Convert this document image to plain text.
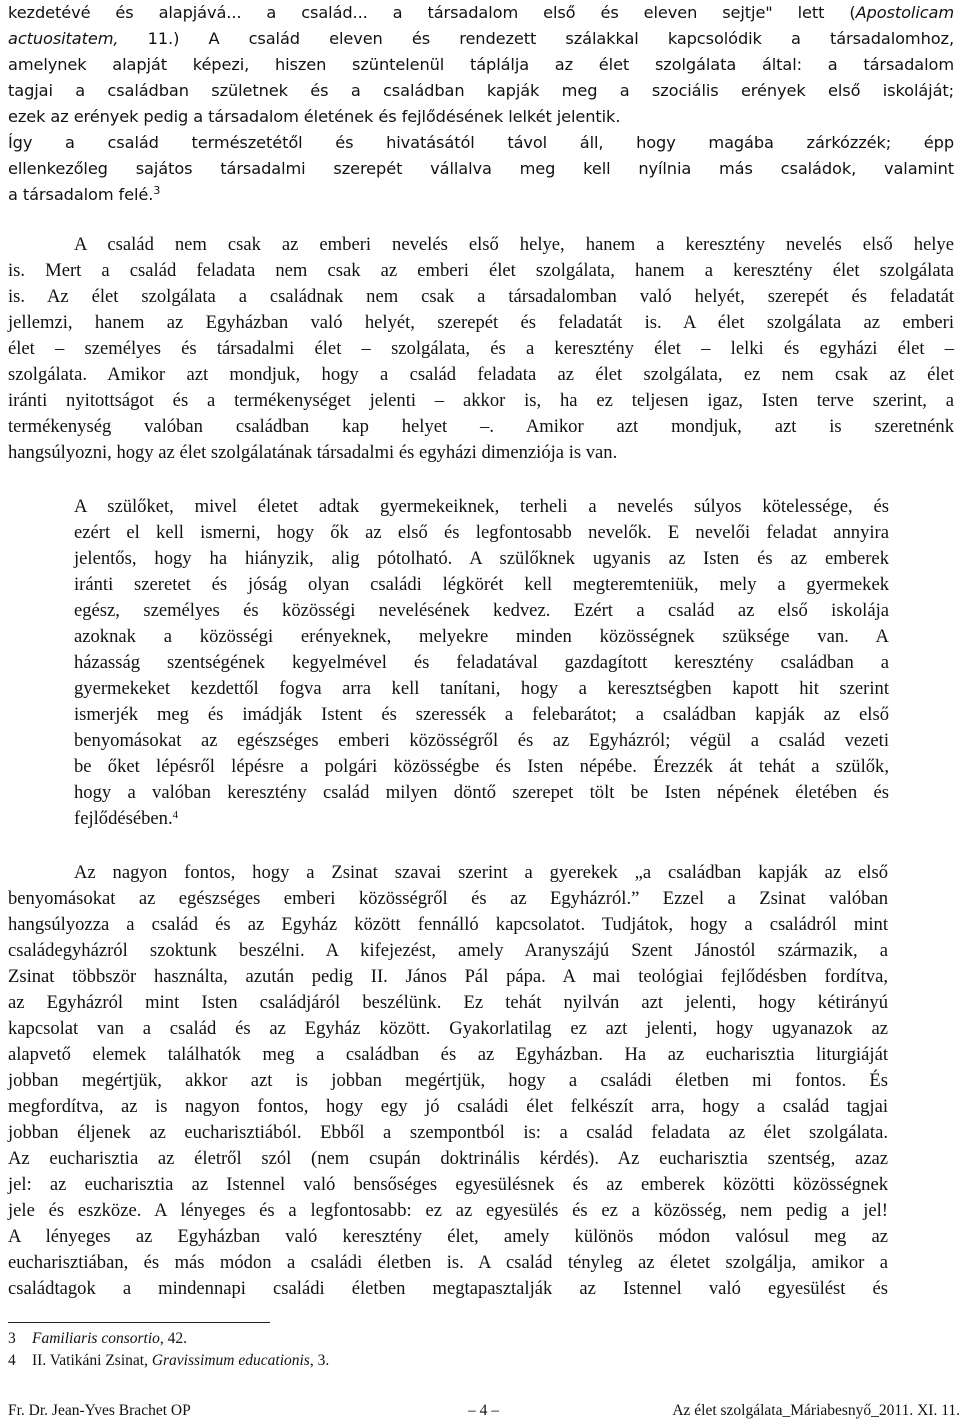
kezdetévé és alapjává... a család... a társadalom első és eleven sejtje" lett (Apostolicam
actuositatem, 11.) A család eleven és rendezett szálakkal kapcsolódik a társadalomhoz,
amelynek alapját képezi, hiszen szüntelenül táplálja az élet szolgálata által: a társadalom
tagjai a családban születnek és a családban kapják meg a szociális erények első iskoláját;
ezek az erények pedig a társadalom életének és fejlődésének lelkét jelentik.
Így a család természetétől és hivatásától távol áll, hogy magába zárkózzék; épp
ellenkezőleg sajátos társadalmi szerepét vállalva meg kell nyílnia más családok, valamint
a társadalom felé.$^3$
A család nem csak az emberi nevelés első helye, hanem a keresztény nevelés első helye
is. Mert a család feladata nem csak az emberi élet szolgálata, hanem a keresztény élet szolgálata
is. Az élet szolgálata a családnak nem csak a társadalomban való helyét, szerepét és feladatát
jellemzi, hanem az Egyházban való helyét, szerepét és feladatát is. A élet szolgálata az emberi
élet – személyes és társadalmi élet – szolgálata, és a keresztény élet – lelki és egyházi élet –
szolgálata. Amikor azt mondjuk, hogy a család feladata az élet szolgálata, ez nem csak az élet
iránti nyitottságot és a termékenységet jelenti – akkor is, ha ez teljesen igaz, Isten terve szerint, a
termékenység valóban családban kap helyet –. Amikor azt mondjuk, azt is szeretnénk
hangsúlyozni, hogy az élet szolgálatának társadalmi és egyházi dimenziója is van.
A szülőket, mivel életet adtak gyermekeiknek, terheli a nevelés súlyos kötelessége, és
ezért el kell ismerni, hogy ők az első és legfontosabb nevelők. E nevelői feladat annyira
jelentős, hogy ha hiányzik, alig pótolható. A szülőknek ugyanis az Isten és az emberek
iránti szeretet és jóság olyan családi légkörét kell megteremteniük, mely a gyermekek
egész, személyes és közösségi nevelésének kedvez. Ezért a család az első iskolája
azoknak a közösségi erényeknek, melyekre minden közösségnek szüksége van. A
házasság szentségének kegyelmével és feladatával gazdagított keresztény családban a
gyermekeket kezdettől fogva arra kell tanítani, hogy a keresztségben kapott hit szerint
ismerjék meg és imádják Istent és szeressék a felebarátot; a családban kapják az első
benyomásokat az egészséges emberi közösségről és az Egyházról; végül a család vezeti
be őket lépésről lépésre a polgári közösségbe és Isten népébe. Érezzék át tehát a szülők,
hogy a valóban keresztény család milyen döntő szerepet tölt be Isten népének életében és
fejlődésében.$^4$
Az nagyon fontos, hogy a Zsinat szavai szerint a gyerekek „a családban kapják az első
benyomásokat az egészséges emberi közösségről és az Egyházról.” Ezzel a Zsinat valóban
hangsúlyozza a család és az Egyház között fennálló kapcsolatot. Tudjátok, hogy a családról mint
családegyházról szoktunk beszélni. A kifejezést, amely Aranyszájú Szent Jánostól származik, a
Zsinat többször használta, azután pedig II. János Pál pápa. A mai teológiai fejlődésben fordítva,
az Egyházról mint Isten családjáról beszélünk. Ez tehát nyilván azt jelenti, hogy kétirányú
kapcsolat van a család és az Egyház között. Gyakorlatilag ez azt jelenti, hogy ugyanazok az
alapvető elemek találhatók meg a családban és az Egyházban. Ha az eucharisztia liturgiáját
jobban megértjük, akkor azt is jobban megértjük, hogy a családi életben mi fontos. És
megfordítva, az is nagyon fontos, hogy egy jó családi élet felkészít arra, hogy a család tagjai
jobban éljenek az eucharisztiából. Ebből a szempontból is: a család feladata az élet szolgálata.
Az eucharisztia az életről szól (nem csupán doktrinális kérdés). Az eucharisztia szentség, azaz
jel: az eucharisztia az Istennel való bensőséges egyesülésnek és az emberek közötti közösségnek
jele és eszköze. A lényeges és a legfontosabb: ez az egyesülés és ez a közösség, nem pedig a jel!
A lényeges az Egyházban való keresztény élet, amely különös módon valósul meg az
eucharisztiában, és más módon a családi életben is. A család tényleg az életet szolgálja, amikor a
családtagok a mindennapi családi életben megtapasztalják az Istennel való egyesülést és
3 Familiaris consortio, 42.
4 II. Vatikáni Zsinat, Gravissimum educationis, 3.
Fr. Dr. Jean-Yves Brachet OP	– 4 –	Az élet szolgálata_Máriabesnyő_2011. XI. 11.
